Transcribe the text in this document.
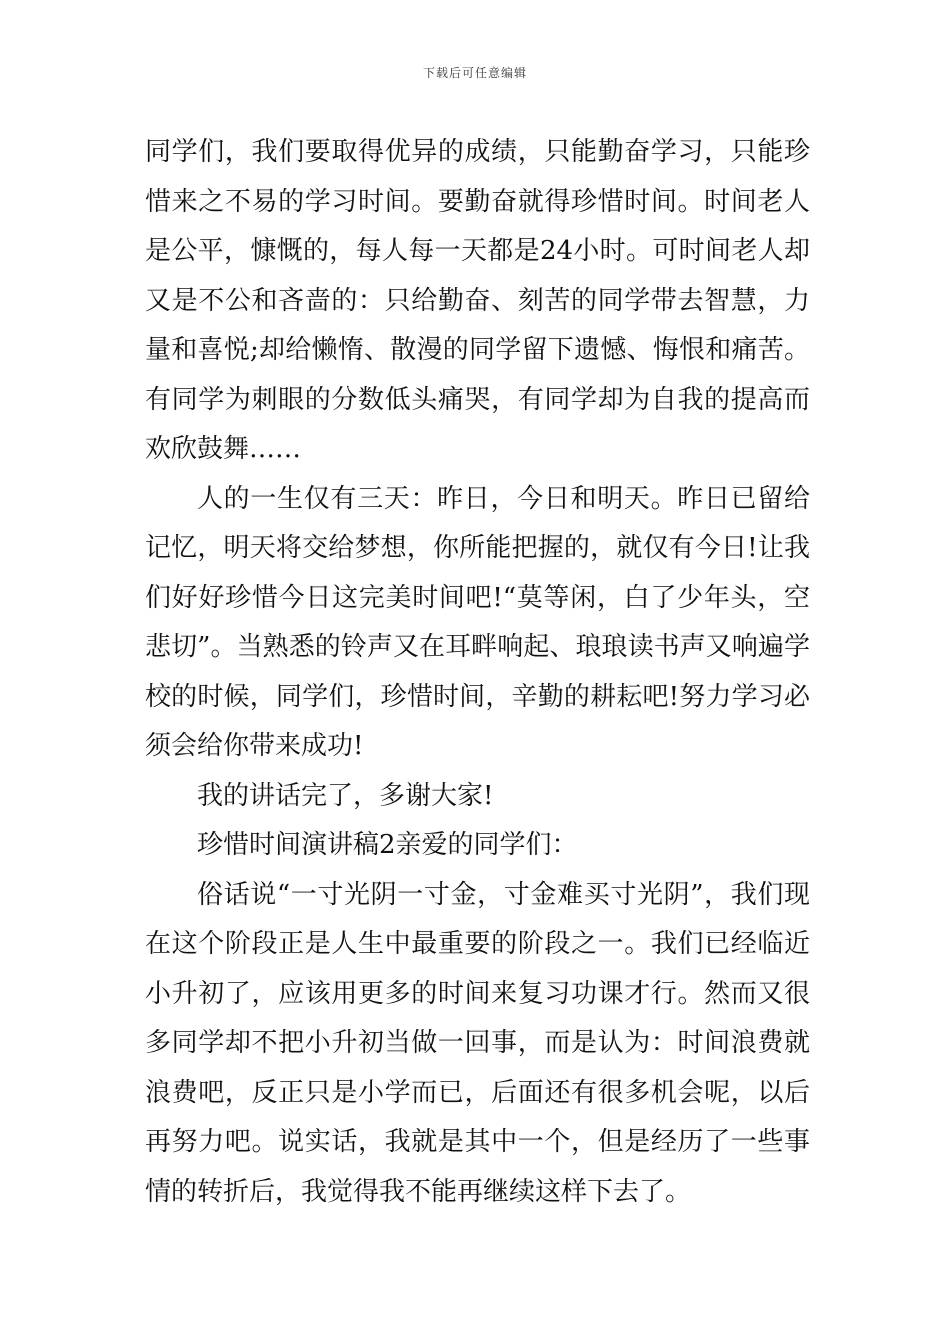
下载后可任意编辑

同学们，我们要取得优异的成绩，只能勤奋学习，只能珍惜来之不易的学习时间。要勤奋就得珍惜时间。时间老人是公平，慷慨的，每人每一天都是24小时。可时间老人却又是不公和吝啬的：只给勤奋、刻苦的同学带去智慧，力量和喜悦;却给懒惰、散漫的同学留下遗憾、悔恨和痛苦。有同学为刺眼的分数低头痛哭，有同学却为自我的提高而欢欣鼓舞……

人的一生仅有三天：昨日，今日和明天。昨日已留给记忆，明天将交给梦想，你所能把握的，就仅有今日!让我们好好珍惜今日这完美时间吧!“莫等闲，白了少年头，空悲切”。当熟悉的铃声又在耳畔响起、琅琅读书声又响遍学校的时候，同学们，珍惜时间，辛勤的耕耘吧!努力学习必须会给你带来成功!

我的讲话完了，多谢大家!

珍惜时间演讲稿2亲爱的同学们：

俗话说“一寸光阴一寸金，寸金难买寸光阴”，我们现在这个阶段正是人生中最重要的阶段之一。我们已经临近小升初了，应该用更多的时间来复习功课才行。然而又很多同学却不把小升初当做一回事，而是认为：时间浪费就浪费吧，反正只是小学而已，后面还有很多机会呢，以后再努力吧。说实话，我就是其中一个，但是经历了一些事情的转折后，我觉得我不能再继续这样下去了。
